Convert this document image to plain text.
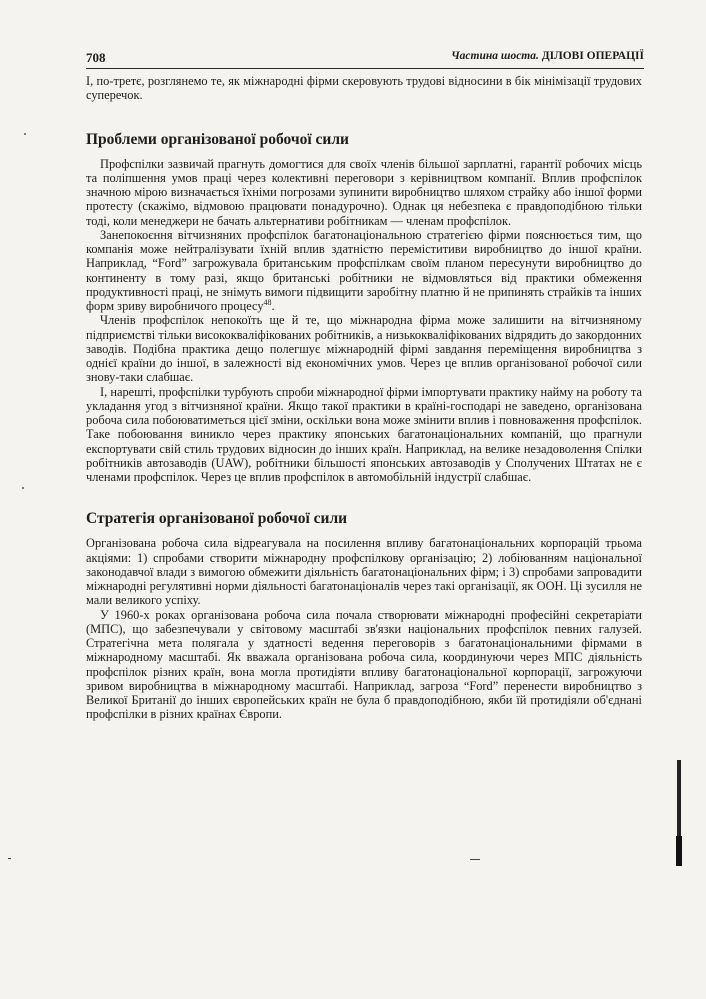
708	Частина шоста. ДІЛОВІ ОПЕРАЦІЇ

І, по-третє, розглянемо те, як міжнародні фірми скеровують трудові відносини в бік мінімізації трудових суперечок.

Проблеми організованої робочої сили

Профспілки зазвичай прагнуть домогтися для своїх членів більшої зарплатні, гарантії робочих місць та поліпшення умов праці через колективні переговори з керівництвом компанії. Вплив профспілок значною мірою визначається їхніми погрозами зупинити виробництво шляхом страйку або іншої форми протесту (скажімо, відмовою працювати понадурочно). Однак ця небезпека є правдоподібною тільки тоді, коли менеджери не бачать альтернативи робітникам — членам профспілок.

Занепокоєння вітчизняних профспілок багатонаціональною стратегією фірми пояснюється тим, що компанія може нейтралізувати їхній вплив здатністю переміститиви виробництво до іншої країни. Наприклад, “Ford” загрожувала британським профспілкам своїм планом пересунути виробництво до континенту в тому разі, якщо британські робітники не відмовляться від практики обмеження продуктивності праці, не знімуть вимоги підвищити заробітну платню й не припинять страйків та інших форм зриву виробничого процесу$^{48}$.

Членів профспілок непокоїть ще й те, що міжнародна фірма може залишити на вітчизняному підприємстві тільки висококваліфікованих робітників, а низькокваліфікованих відрядить до закордонних заводів. Подібна практика дещо полегшує міжнародній фірмі завдання переміщення виробництва з однієї країни до іншої, в залежності від економічних умов. Через це вплив організованої робочої сили знову-таки слабшає.

І, нарешті, профспілки турбують спроби міжнародної фірми імпортувати практику найму на роботу та укладання угод з вітчизняної країни. Якщо такої практики в країні-господарі не заведено, організована робоча сила побоюватиметься цієї зміни, оскільки вона може змінити вплив і повноваження профспілок. Таке побоювання виникло через практику японських багатонаціональних компаній, що прагнули експортувати свій стиль трудових відносин до інших країн. Наприклад, на велике незадоволення Спілки робітників автозаводів (UAW), робітники більшості японських автозаводів у Сполучених Штатах не є членами профспілок. Через це вплив профспілок в автомобільній індустрії слабшає.

Стратегія організованої робочої сили

Організована робоча сила відреагувала на посилення впливу багатонаціональних корпорацій трьома акціями: 1) спробами створити міжнародну профспілкову організацію; 2) лобіюванням національної законодавчої влади з вимогою обмежити діяльність багатонаціональних фірм; і 3) спробами запровадити міжнародні регулятивні норми діяльності багатонаціоналів через такі організації, як ООН. Ці зусилля не мали великого успіху.

У 1960-х роках організована робоча сила почала створювати міжнародні професійні секретаріати (МПС), що забезпечували у світовому масштабі зв'язки національних профспілок певних галузей. Стратегічна мета полягала у здатності ведення переговорів з багатонаціональними фірмами в міжнародному масштабі. Як вважала організована робоча сила, координуючи через МПС діяльність профспілок різних країн, вона могла протидіяти впливу багатонаціональної корпорації, загрожуючи зривом виробництва в міжнародному масштабі. Наприклад, загроза “Ford” перенести виробництво з Великої Британії до інших європейських країн не була б правдоподібною, якби їй протидіяли об'єднані профспілки в різних країнах Європи.
